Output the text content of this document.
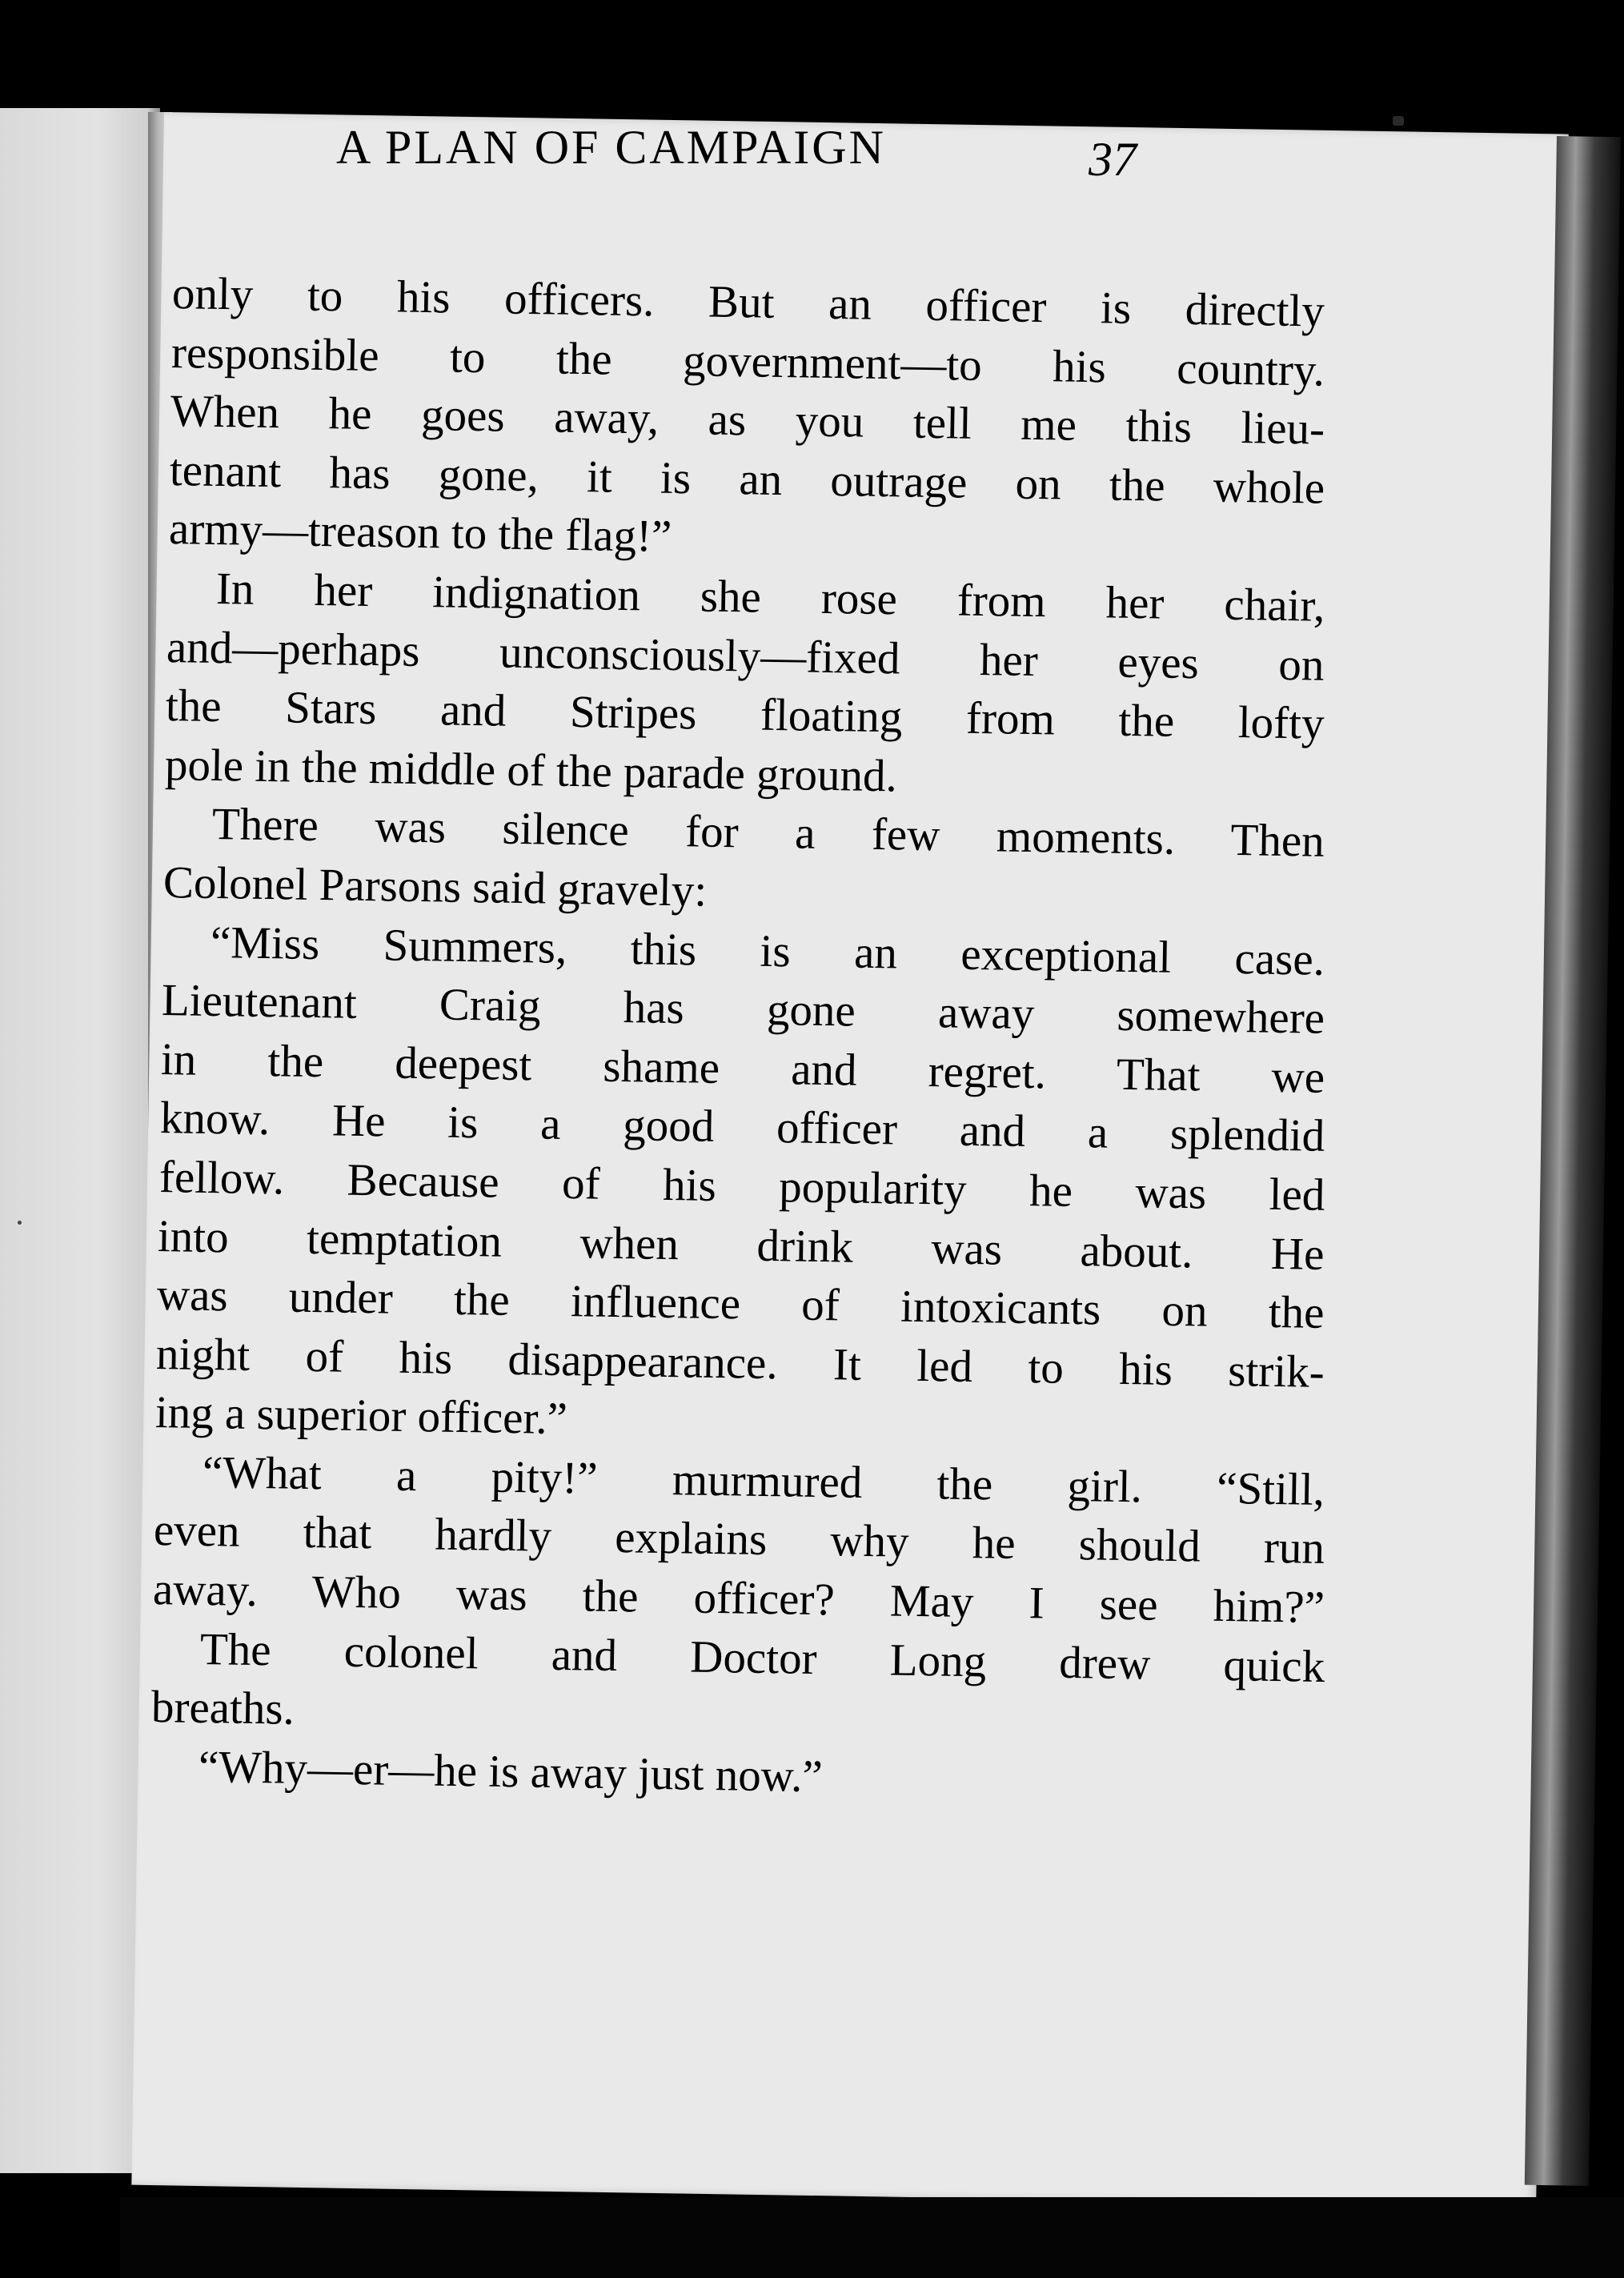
A PLAN OF CAMPAIGN	37
only to his officers. But an officer is directly
responsible to the government—to his country.
When he goes away, as you tell me this lieu-
tenant has gone, it is an outrage on the whole
army—treason to the flag!”
In her indignation she rose from her chair,
and—perhaps unconsciously—fixed her eyes on
the Stars and Stripes floating from the lofty
pole in the middle of the parade ground.
There was silence for a few moments. Then
Colonel Parsons said gravely:
“Miss Summers, this is an exceptional case.
Lieutenant Craig has gone away somewhere
in the deepest shame and regret. That we
know. He is a good officer and a splendid
fellow. Because of his popularity he was led
into temptation when drink was about. He
was under the influence of intoxicants on the
night of his disappearance. It led to his strik-
ing a superior officer.”
“What a pity!” murmured the girl. “Still,
even that hardly explains why he should run
away. Who was the officer? May I see him?”
The colonel and Doctor Long drew quick
breaths.
“Why—er—he is away just now.”
